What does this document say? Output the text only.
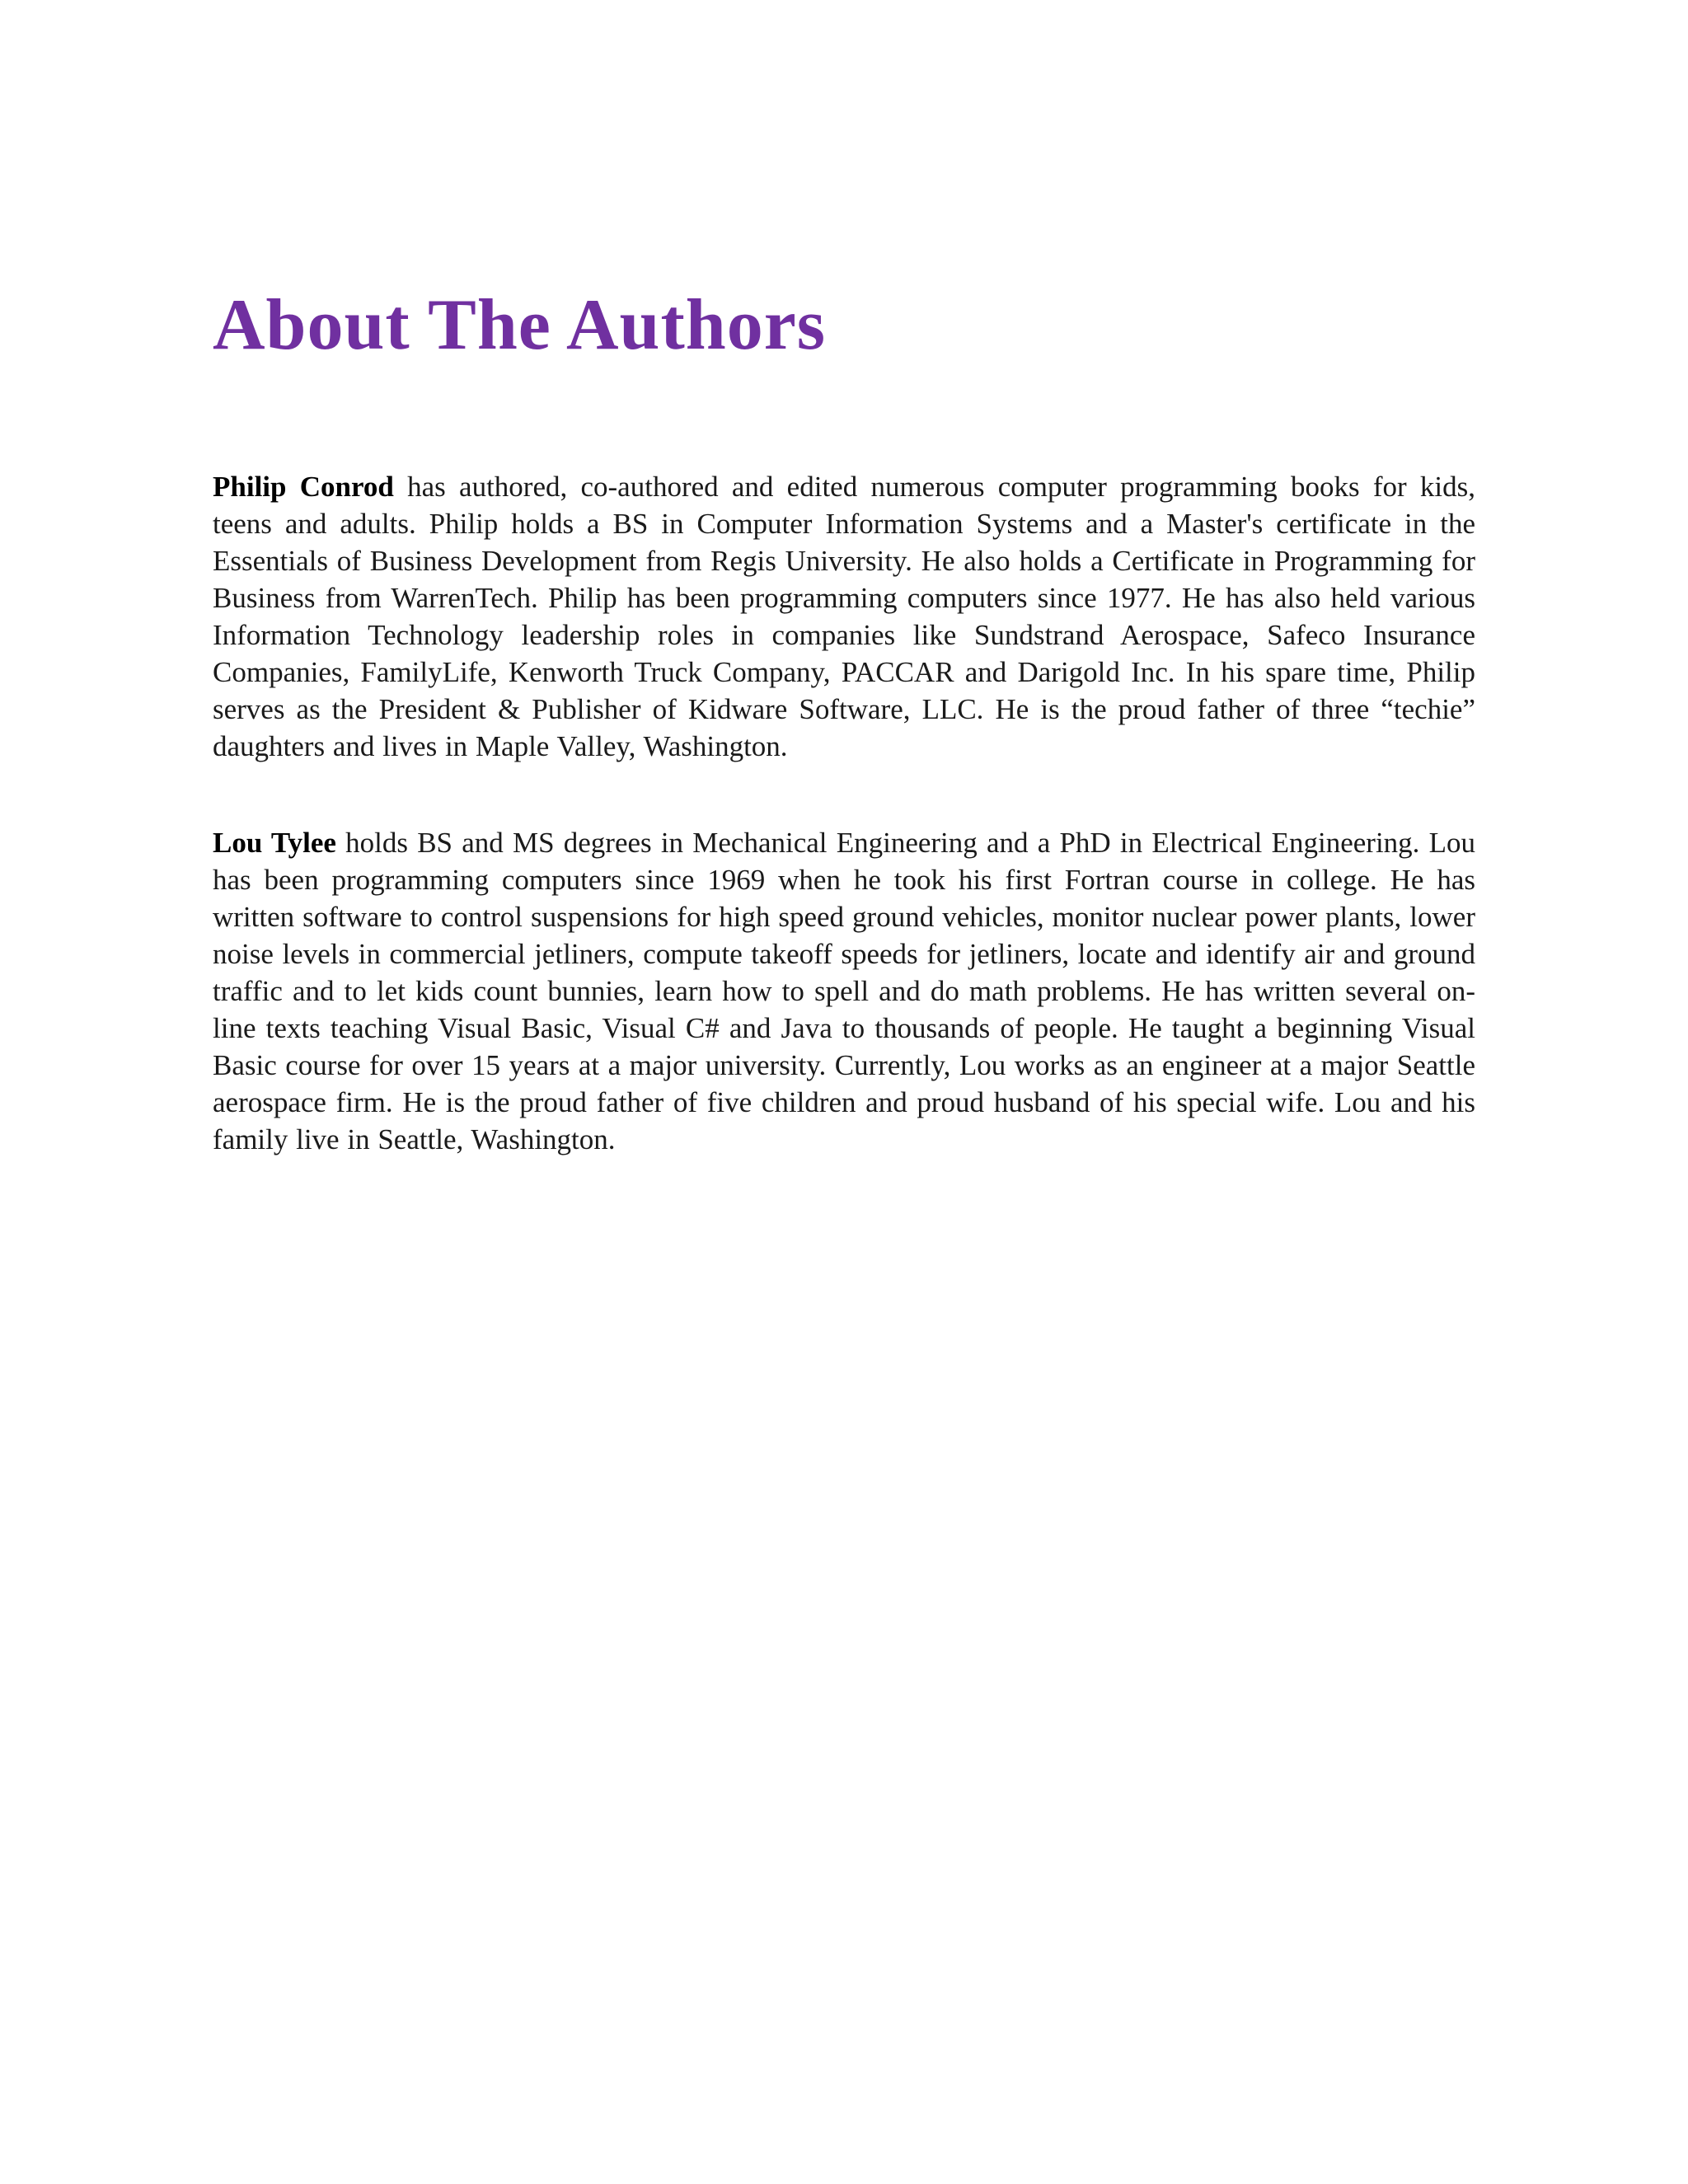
About The Authors

Philip Conrod has authored, co-authored and edited numerous computer programming books for kids, teens and adults. Philip holds a BS in Computer Information Systems and a Master's certificate in the Essentials of Business Development from Regis University. He also holds a Certificate in Programming for Business from WarrenTech. Philip has been programming computers since 1977. He has also held various Information Technology leadership roles in companies like Sundstrand Aerospace, Safeco Insurance Companies, FamilyLife, Kenworth Truck Company, PACCAR and Darigold Inc. In his spare time, Philip serves as the President & Publisher of Kidware Software, LLC. He is the proud father of three “techie” daughters and lives in Maple Valley, Washington.

Lou Tylee holds BS and MS degrees in Mechanical Engineering and a PhD in Electrical Engineering. Lou has been programming computers since 1969 when he took his first Fortran course in college. He has written software to control suspensions for high speed ground vehicles, monitor nuclear power plants, lower noise levels in commercial jetliners, compute takeoff speeds for jetliners, locate and identify air and ground traffic and to let kids count bunnies, learn how to spell and do math problems. He has written several on-line texts teaching Visual Basic, Visual C# and Java to thousands of people. He taught a beginning Visual Basic course for over 15 years at a major university. Currently, Lou works as an engineer at a major Seattle aerospace firm. He is the proud father of five children and proud husband of his special wife. Lou and his family live in Seattle, Washington.
